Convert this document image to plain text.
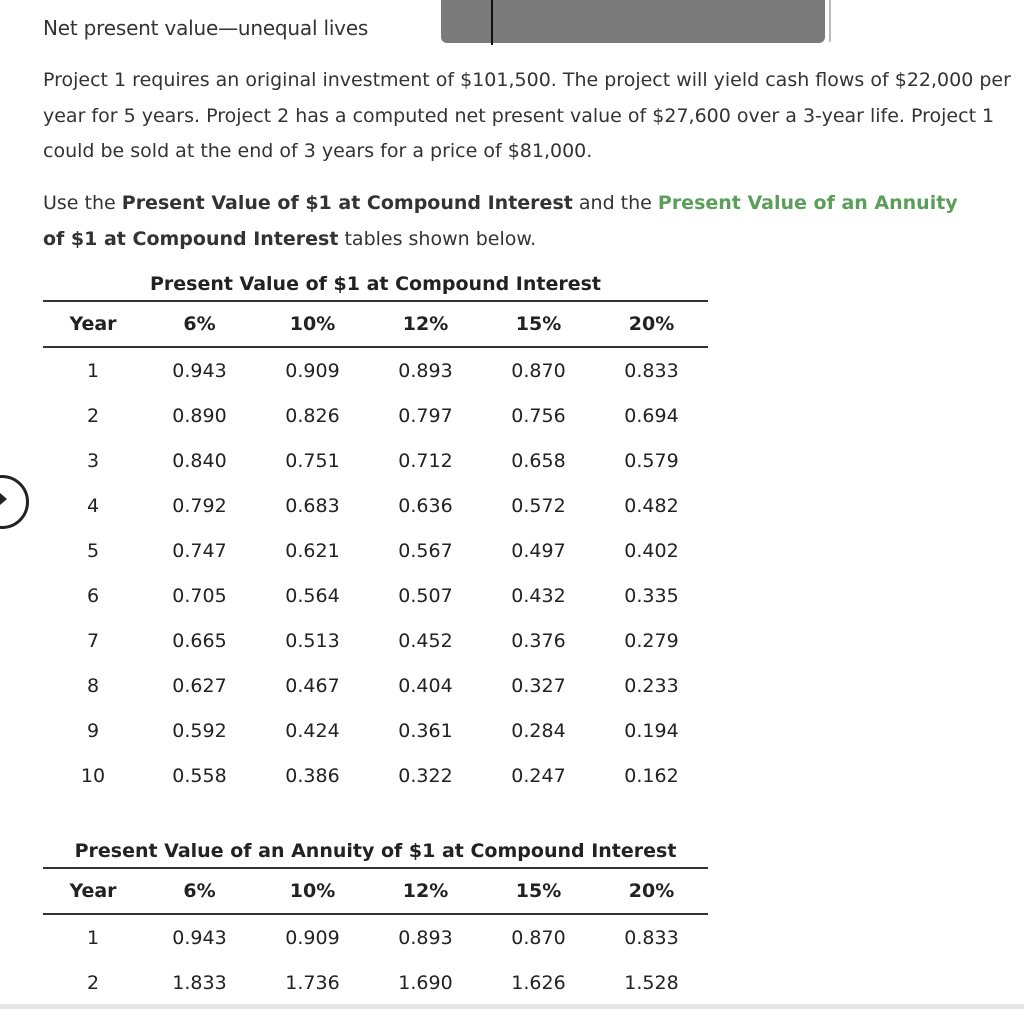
Net present value—unequal lives

Project 1 requires an original investment of $101,500. The project will yield cash flows of $22,000 per year for 5 years. Project 2 has a computed net present value of $27,600 over a 3-year life. Project 1 could be sold at the end of 3 years for a price of $81,000.

Use the Present Value of $1 at Compound Interest and the Present Value of an Annuity
of $1 at Compound Interest tables shown below.

Present Value of $1 at Compound Interest
Year	6%	10%	12%	15%	20%
1	0.943	0.909	0.893	0.870	0.833
2	0.890	0.826	0.797	0.756	0.694
3	0.840	0.751	0.712	0.658	0.579
4	0.792	0.683	0.636	0.572	0.482
5	0.747	0.621	0.567	0.497	0.402
6	0.705	0.564	0.507	0.432	0.335
7	0.665	0.513	0.452	0.376	0.279
8	0.627	0.467	0.404	0.327	0.233
9	0.592	0.424	0.361	0.284	0.194
10	0.558	0.386	0.322	0.247	0.162
Present Value of an Annuity of $1 at Compound Interest
Year	6%	10%	12%	15%	20%
1	0.943	0.909	0.893	0.870	0.833
2	1.833	1.736	1.690	1.626	1.528
